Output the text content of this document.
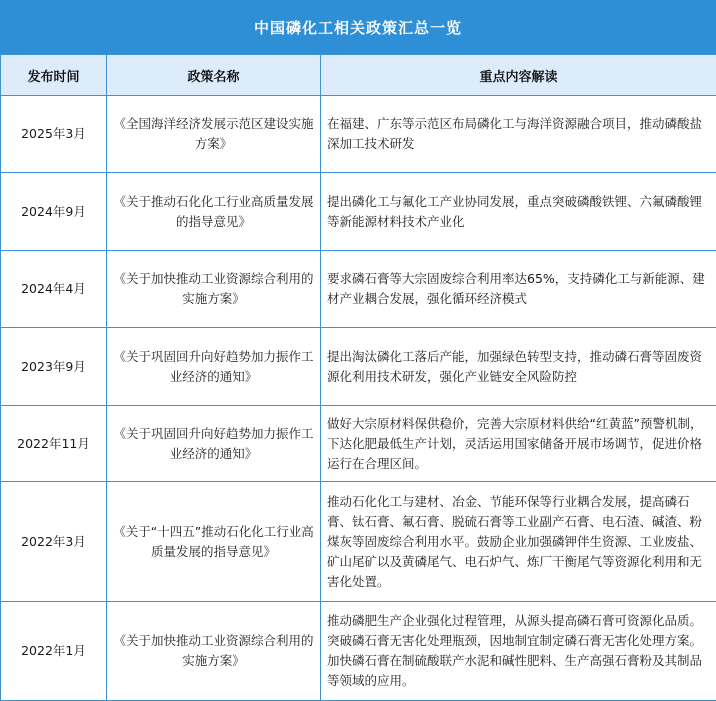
中国磷化工相关政策汇总一览
发布时间	政策名称	重点内容解读
2025年3月	《全国海洋经济发展示范区建设实施方案》	在福建、广东等示范区布局磷化工与海洋资源融合项目，推动磷酸盐深加工技术研发
2024年9月	《关于推动石化化工行业高质量发展的指导意见》	提出磷化工与氟化工产业协同发展，重点突破磷酸铁锂、六氟磷酸锂等新能源材料技术产业化
2024年4月	《关于加快推动工业资源综合利用的实施方案》	要求磷石膏等大宗固废综合利用率达65%，支持磷化工与新能源、建材产业耦合发展，强化循环经济模式
2023年9月	《关于巩固回升向好趋势加力振作工业经济的通知》	提出淘汰磷化工落后产能，加强绿色转型支持，推动磷石膏等固废资源化利用技术研发，强化产业链安全风险防控
2022年11月	《关于巩固回升向好趋势加力振作工业经济的通知》	做好大宗原材料保供稳价，完善大宗原材料供给“红黄蓝”预警机制，下达化肥最低生产计划，灵活运用国家储备开展市场调节，促进价格运行在合理区间。
2022年3月	《关于“十四五”推动石化化工行业高质量发展的指导意见》	推动石化化工与建材、冶金、节能环保等行业耦合发展，提高磷石膏、钛石膏、氟石膏、脱硫石膏等工业副产石膏、电石渣、碱渣、粉煤灰等固废综合利用水平。鼓励企业加强磷钾伴生资源、工业废盐、矿山尾矿以及黄磷尾气、电石炉气、炼厂干衡尾气等资源化利用和无害化处置。
2022年1月	《关于加快推动工业资源综合利用的实施方案》	推动磷肥生产企业强化过程管理，从源头提高磷石膏可资源化品质。突破磷石膏无害化处理瓶颈，因地制宜制定磷石膏无害化处理方案。加快磷石膏在制硫酸联产水泥和碱性肥料、生产高强石膏粉及其制品等领域的应用。
